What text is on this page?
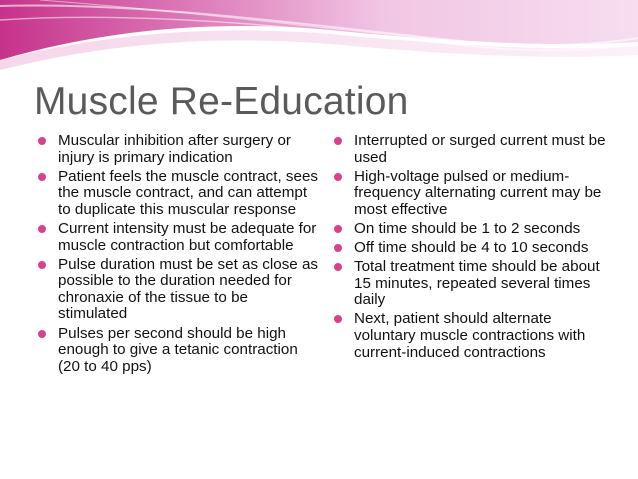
Muscle Re-Education
Muscular inhibition after surgery or injury is primary indication
Patient feels the muscle contract, sees the muscle contract, and can attempt to duplicate this muscular response
Current intensity must be adequate for muscle contraction but comfortable
Pulse duration must be set as close as possible to the duration needed for chronaxie of the tissue to be stimulated
Pulses per second should be high enough to give a tetanic contraction (20 to 40 pps)
Interrupted or surged current must be used
High-voltage pulsed or medium-frequency alternating current may be most effective
On time should be 1 to 2 seconds
Off time should be 4 to 10 seconds
Total treatment time should be about 15 minutes, repeated several times daily
Next, patient should alternate voluntary muscle contractions with current-induced contractions
